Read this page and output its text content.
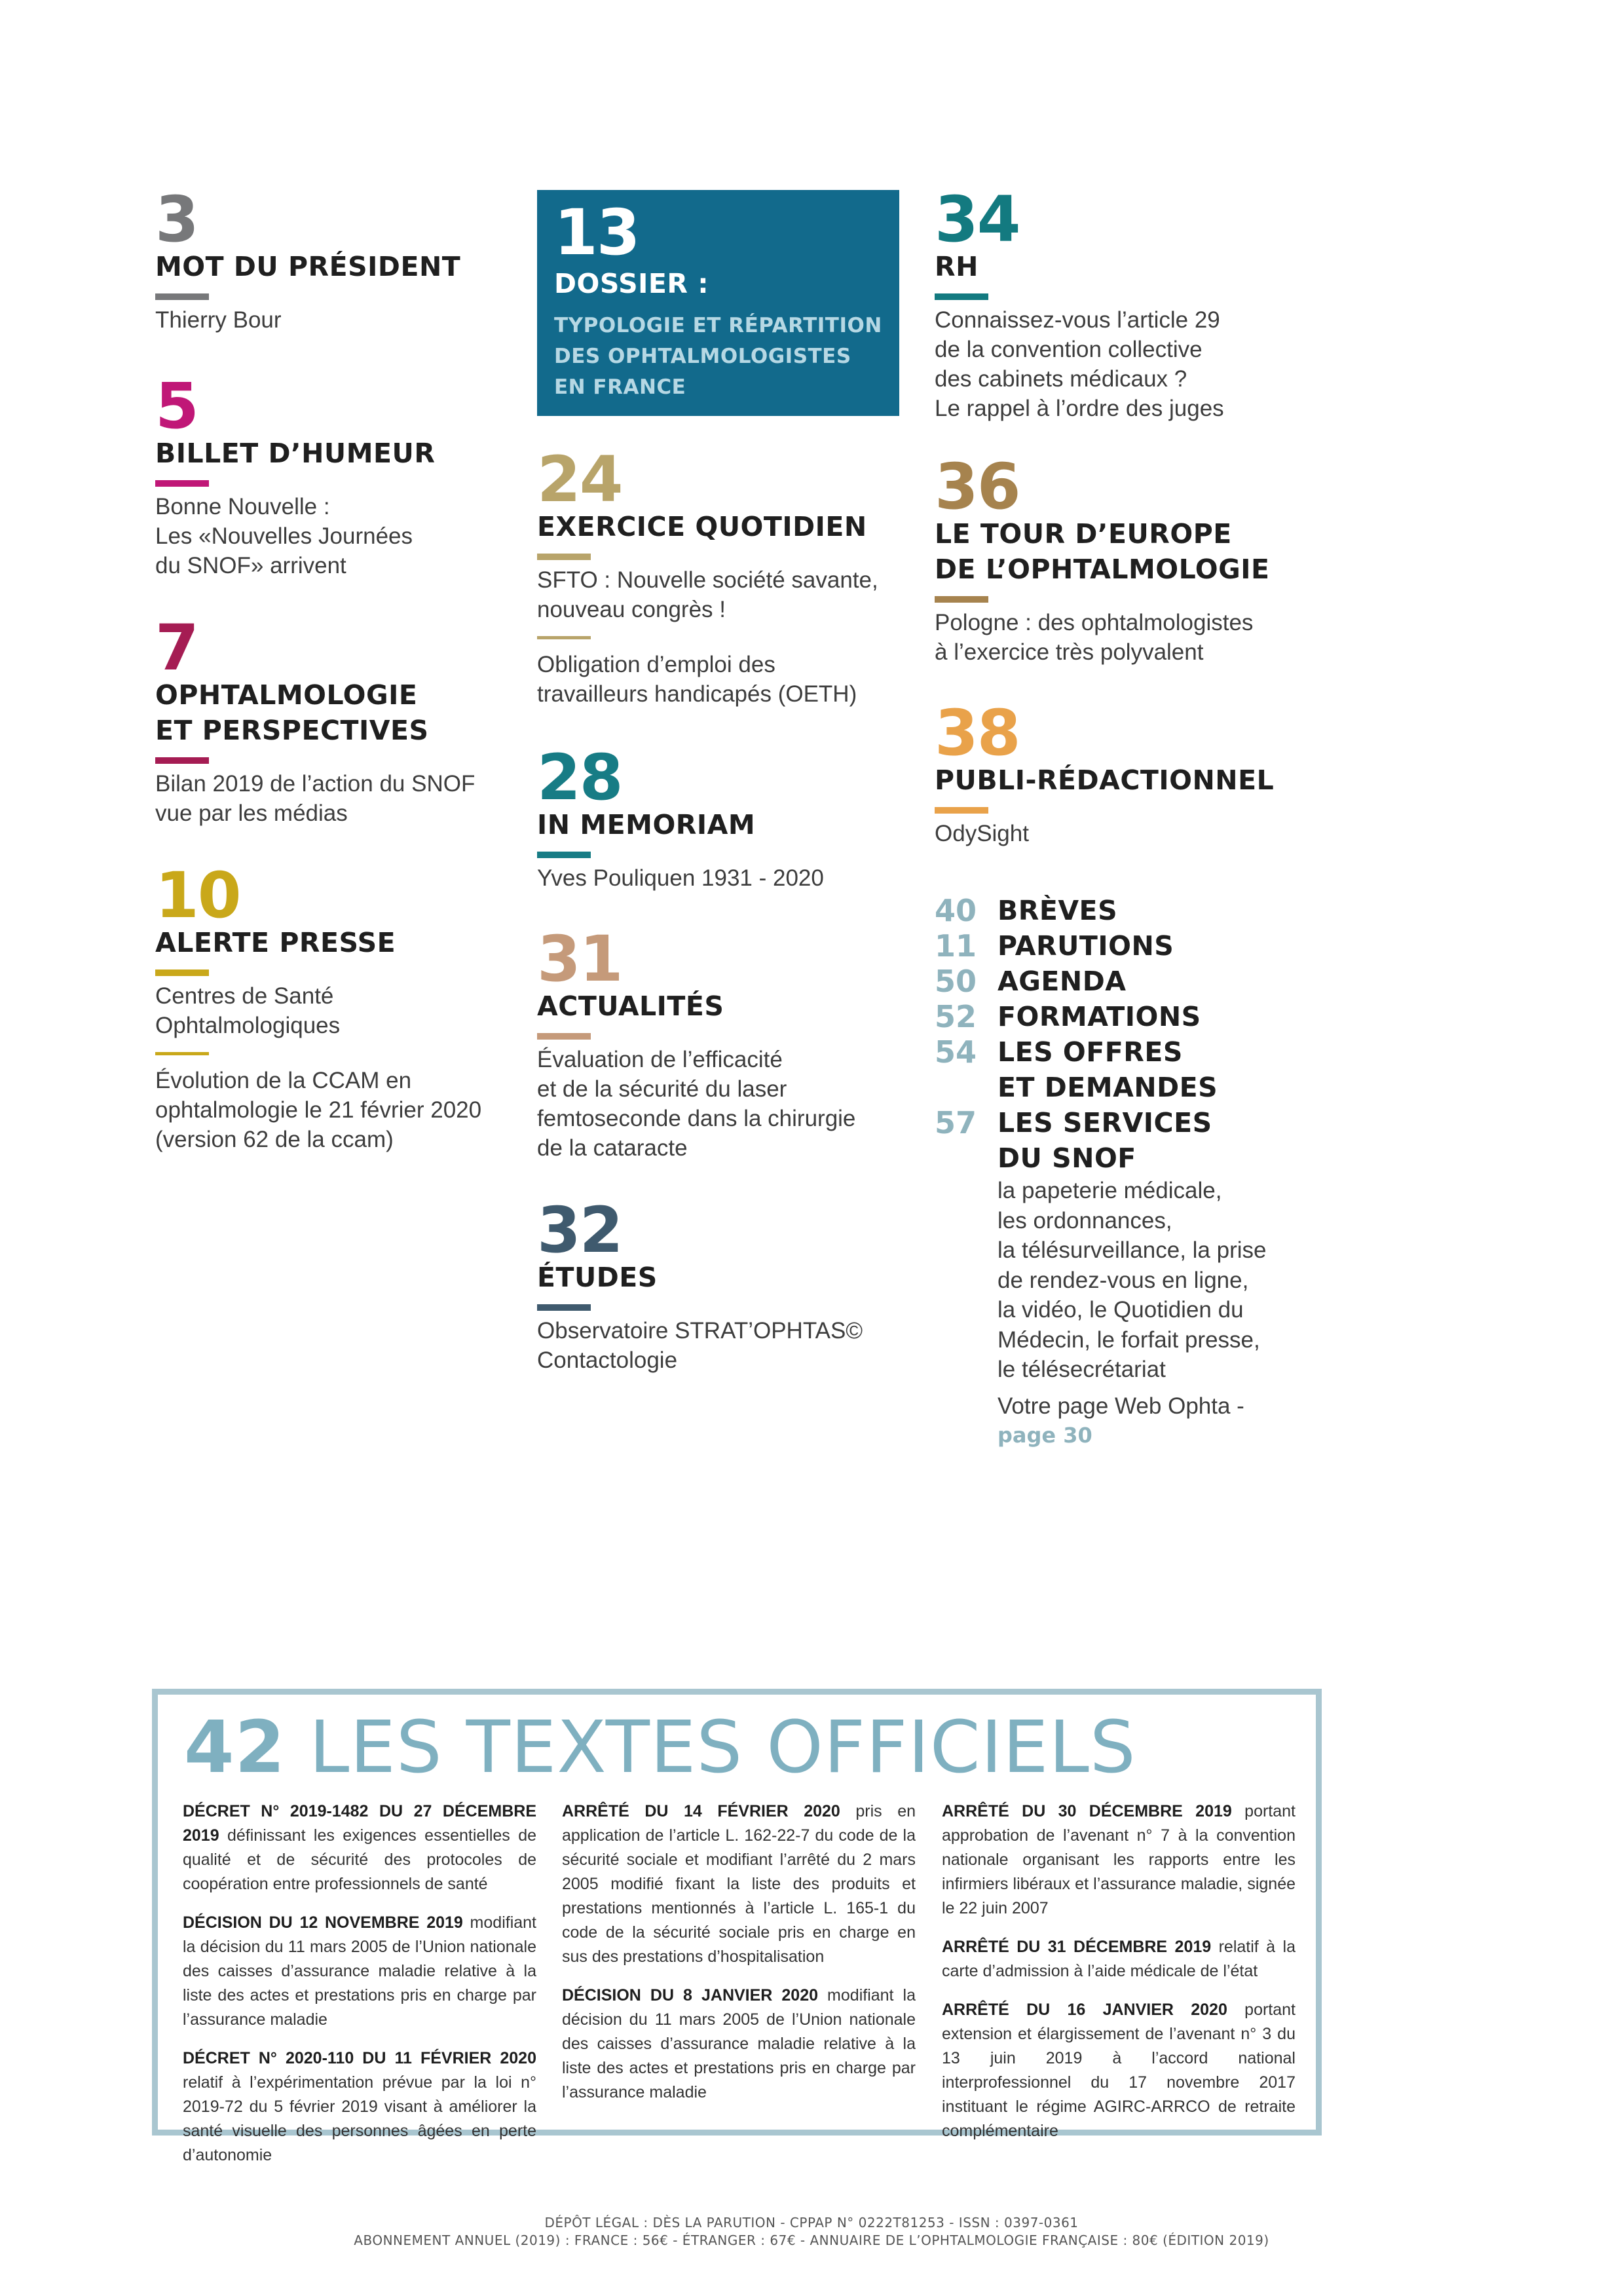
3
MOT DU PRÉSIDENT
Thierry Bour
5
BILLET D’HUMEUR
Bonne Nouvelle :
Les «Nouvelles Journées
du SNOF» arrivent
7
OPHTALMOLOGIE
ET PERSPECTIVES
Bilan 2019 de l’action du SNOF
vue par les médias
10
ALERTE PRESSE
Centres de Santé
Ophtalmologiques
Évolution de la CCAM en
ophtalmologie le 21 février 2020
(version 62 de la ccam)
13
DOSSIER :
TYPOLOGIE ET RÉPARTITION
DES OPHTALMOLOGISTES
EN FRANCE
24
EXERCICE QUOTIDIEN
SFTO : Nouvelle société savante,
nouveau congrès !
Obligation d’emploi des
travailleurs handicapés (OETH)
28
IN MEMORIAM
Yves Pouliquen 1931 - 2020
31
ACTUALITÉS
Évaluation de l’efficacité
et de la sécurité du laser
femtoseconde dans la chirurgie
de la cataracte
32
ÉTUDES
Observatoire STRAT’OPHTAS©
Contactologie
34
RH
Connaissez-vous l’article 29
de la convention collective
des cabinets médicaux ?
Le rappel à l’ordre des juges
36
LE TOUR D’EUROPE
DE L’OPHTALMOLOGIE
Pologne : des ophtalmologistes
à l’exercice très polyvalent
38
PUBLI-RÉDACTIONNEL
OdySight
40 BRÈVES
11 PARUTIONS
50 AGENDA
52 FORMATIONS
54 LES OFFRES
ET DEMANDES
57 LES SERVICES
DU SNOF
la papeterie médicale,
les ordonnances,
la télésurveillance, la prise
de rendez-vous en ligne,
la vidéo, le Quotidien du
Médecin, le forfait presse,
le télésecrétariat
Votre page Web Ophta -
page 30
42 LES TEXTES OFFICIELS

DÉCRET N° 2019-1482 DU 27 DÉCEMBRE 2019 définissant les exigences essentielles de qualité et de sécurité des protocoles de coopération entre professionnels de santé

DÉCISION DU 12 NOVEMBRE 2019 modifiant la décision du 11 mars 2005 de l’Union nationale des caisses d’assurance maladie relative à la liste des actes et prestations pris en charge par l’assurance maladie

DÉCRET N° 2020-110 DU 11 FÉVRIER 2020 relatif à l’expérimentation prévue par la loi n° 2019-72 du 5 février 2019 visant à améliorer la santé visuelle des personnes âgées en perte d’autonomie

ARRÊTÉ DU 14 FÉVRIER 2020 pris en application de l’article L. 162-22-7 du code de la sécurité sociale et modifiant l’arrêté du 2 mars 2005 modifié fixant la liste des produits et prestations mentionnés à l’article L. 165-1 du code de la sécurité sociale pris en charge en sus des prestations d’hospitalisation

DÉCISION DU 8 JANVIER 2020 modifiant la décision du 11 mars 2005 de l’Union nationale des caisses d’assurance maladie relative à la liste des actes et prestations pris en charge par l’assurance maladie

ARRÊTÉ DU 30 DÉCEMBRE 2019 portant approbation de l’avenant n° 7 à la convention nationale organisant les rapports entre les infirmiers libéraux et l’assurance maladie, signée le 22 juin 2007

ARRÊTÉ DU 31 DÉCEMBRE 2019 relatif à la carte d’admission à l’aide médicale de l’état

ARRÊTÉ DU 16 JANVIER 2020 portant extension et élargissement de l’avenant n° 3 du 13 juin 2019 à l’accord national interprofessionnel du 17 novembre 2017 instituant le régime AGIRC-ARRCO de retraite complémentaire

DÉPÔT LÉGAL : DÈS LA PARUTION - CPPAP N° 0222T81253 - ISSN : 0397-0361
ABONNEMENT ANNUEL (2019) : FRANCE : 56€ - ÉTRANGER : 67€ - ANNUAIRE DE L’OPHTALMOLOGIE FRANÇAISE : 80€ (ÉDITION 2019)
